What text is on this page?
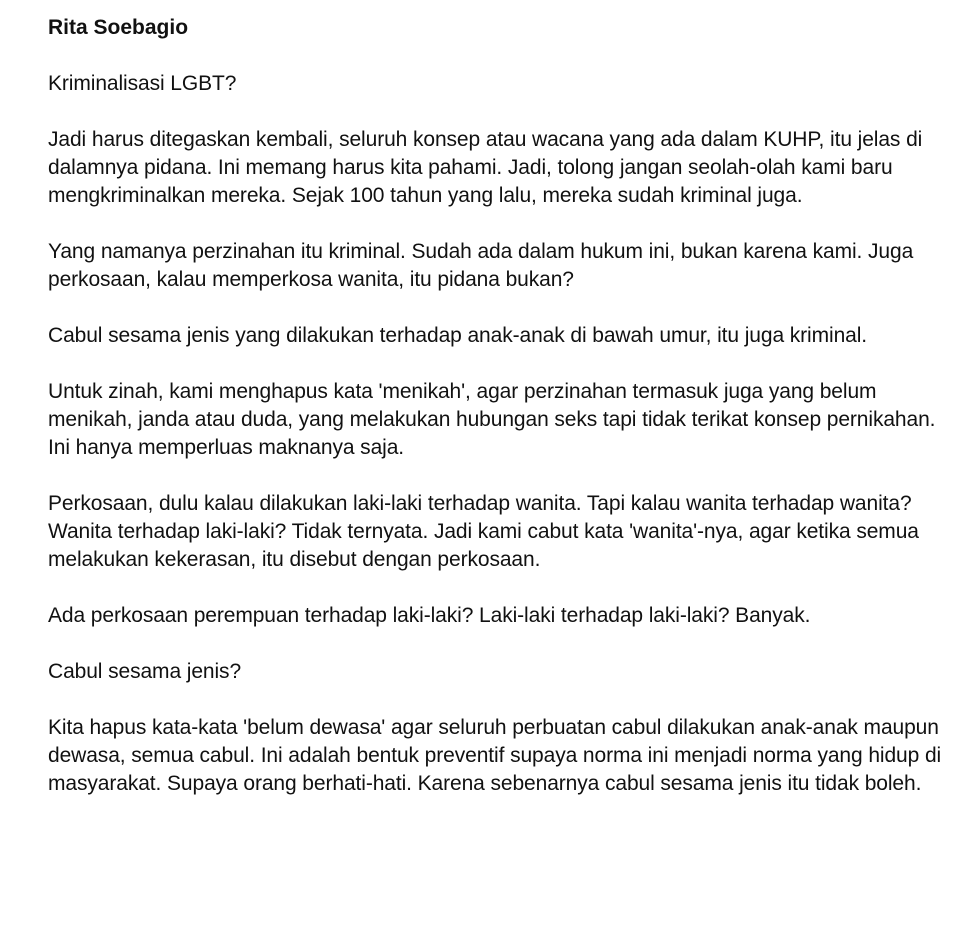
Rita Soebagio

Kriminalisasi LGBT?

Jadi harus ditegaskan kembali, seluruh konsep atau wacana yang ada dalam KUHP, itu jelas di dalamnya pidana. Ini memang harus kita pahami. Jadi, tolong jangan seolah-olah kami baru mengkriminalkan mereka. Sejak 100 tahun yang lalu, mereka sudah kriminal juga.

Yang namanya perzinahan itu kriminal. Sudah ada dalam hukum ini, bukan karena kami. Juga perkosaan, kalau memperkosa wanita, itu pidana bukan?

Cabul sesama jenis yang dilakukan terhadap anak-anak di bawah umur, itu juga kriminal.

Untuk zinah, kami menghapus kata 'menikah', agar perzinahan termasuk juga yang belum menikah, janda atau duda, yang melakukan hubungan seks tapi tidak terikat konsep pernikahan. Ini hanya memperluas maknanya saja.

Perkosaan, dulu kalau dilakukan laki-laki terhadap wanita. Tapi kalau wanita terhadap wanita? Wanita terhadap laki-laki? Tidak ternyata. Jadi kami cabut kata 'wanita'-nya, agar ketika semua melakukan kekerasan, itu disebut dengan perkosaan.

Ada perkosaan perempuan terhadap laki-laki? Laki-laki terhadap laki-laki? Banyak.

Cabul sesama jenis?

Kita hapus kata-kata 'belum dewasa' agar seluruh perbuatan cabul dilakukan anak-anak maupun dewasa, semua cabul. Ini adalah bentuk preventif supaya norma ini menjadi norma yang hidup di masyarakat. Supaya orang berhati-hati. Karena sebenarnya cabul sesama jenis itu tidak boleh.
